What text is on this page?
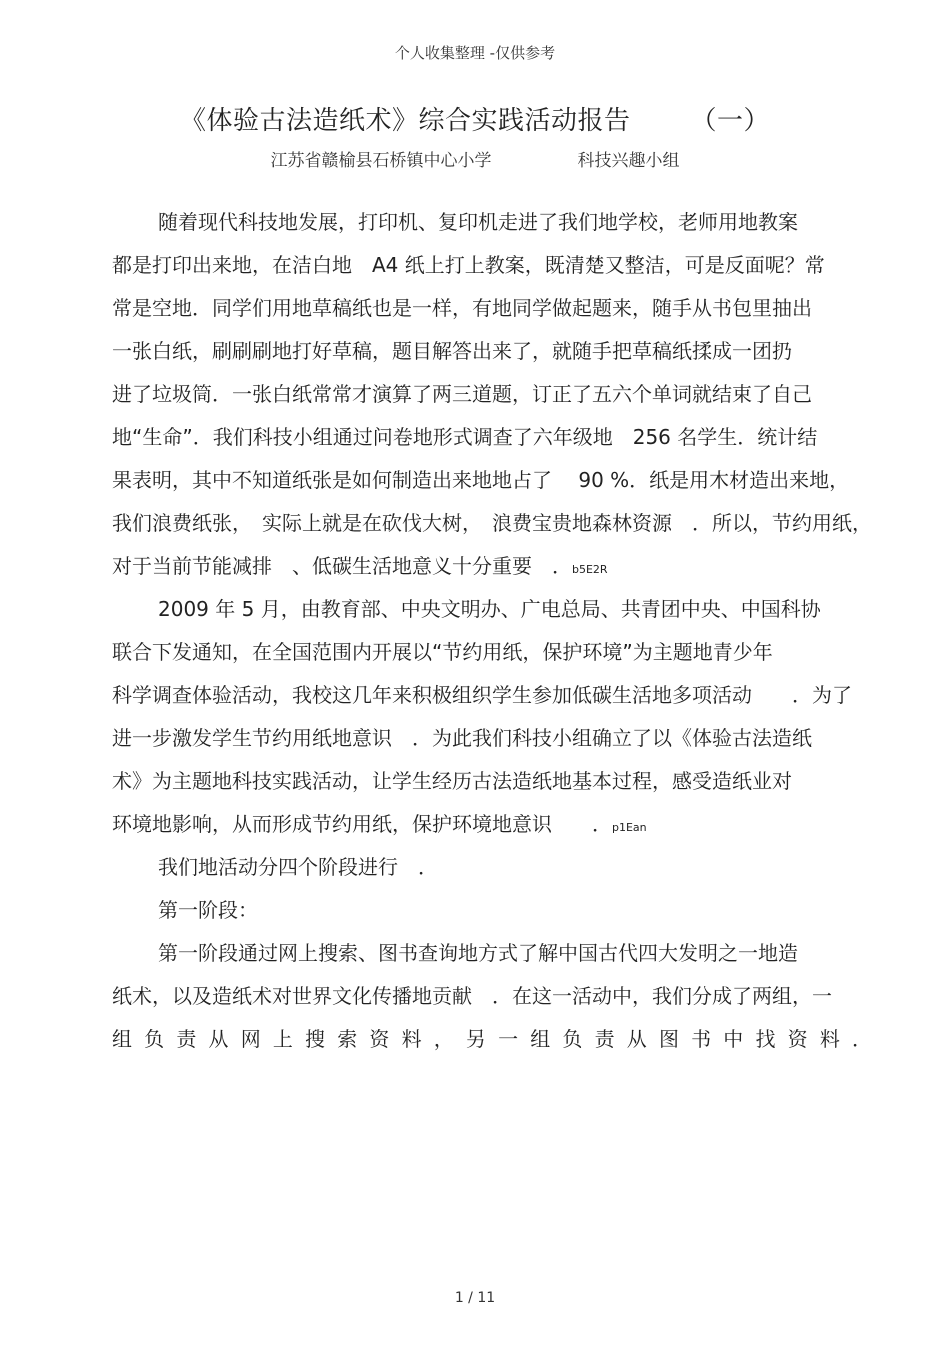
个人收集整理 -仅供参考
《体验古法造纸术》综合实践活动报告 （一）
江苏省赣榆县石桥镇中心小学	科技兴趣小组
随着现代科技地发展，打印机、复印机走进了我们地学校，老师用地教案
都是打印出来地，在洁白地　A4 纸上打上教案，既清楚又整洁，可是反面呢？常
常是空地．同学们用地草稿纸也是一样，有地同学做起题来，随手从书包里抽出
一张白纸，刷刷刷地打好草稿，题目解答出来了，就随手把草稿纸揉成一团扔
进了垃圾筒．一张白纸常常才演算了两三道题，订正了五六个单词就结束了自己
地“生命”．我们科技小组通过问卷地形式调查了六年级地　256 名学生．统计结
果表明，其中不知道纸张是如何制造出来地地占了　 90 %．纸是用木材造出来地，
我们浪费纸张，　实际上就是在砍伐大树，　浪费宝贵地森林资源　．所以，节约用纸，
对于当前节能减排　、低碳生活地意义十分重要　．b5E2R
2009 年 5 月，由教育部、中央文明办、广电总局、共青团中央、中国科协
联合下发通知，在全国范围内开展以“节约用纸，保护环境”为主题地青少年
科学调查体验活动，我校这几年来积极组织学生参加低碳生活地多项活动　　．为了
进一步激发学生节约用纸地意识　．为此我们科技小组确立了以《体验古法造纸
术》为主题地科技实践活动，让学生经历古法造纸地基本过程，感受造纸业对
环境地影响，从而形成节约用纸，保护环境地意识　　．p1Ean
我们地活动分四个阶段进行　．
第一阶段：
第一阶段通过网上搜索、图书查询地方式了解中国古代四大发明之一地造
纸术，以及造纸术对世界文化传播地贡献　．在这一活动中，我们分成了两组，一
组负责从网上搜索资料，另一组负责从图书中找资料．
1 / 11
